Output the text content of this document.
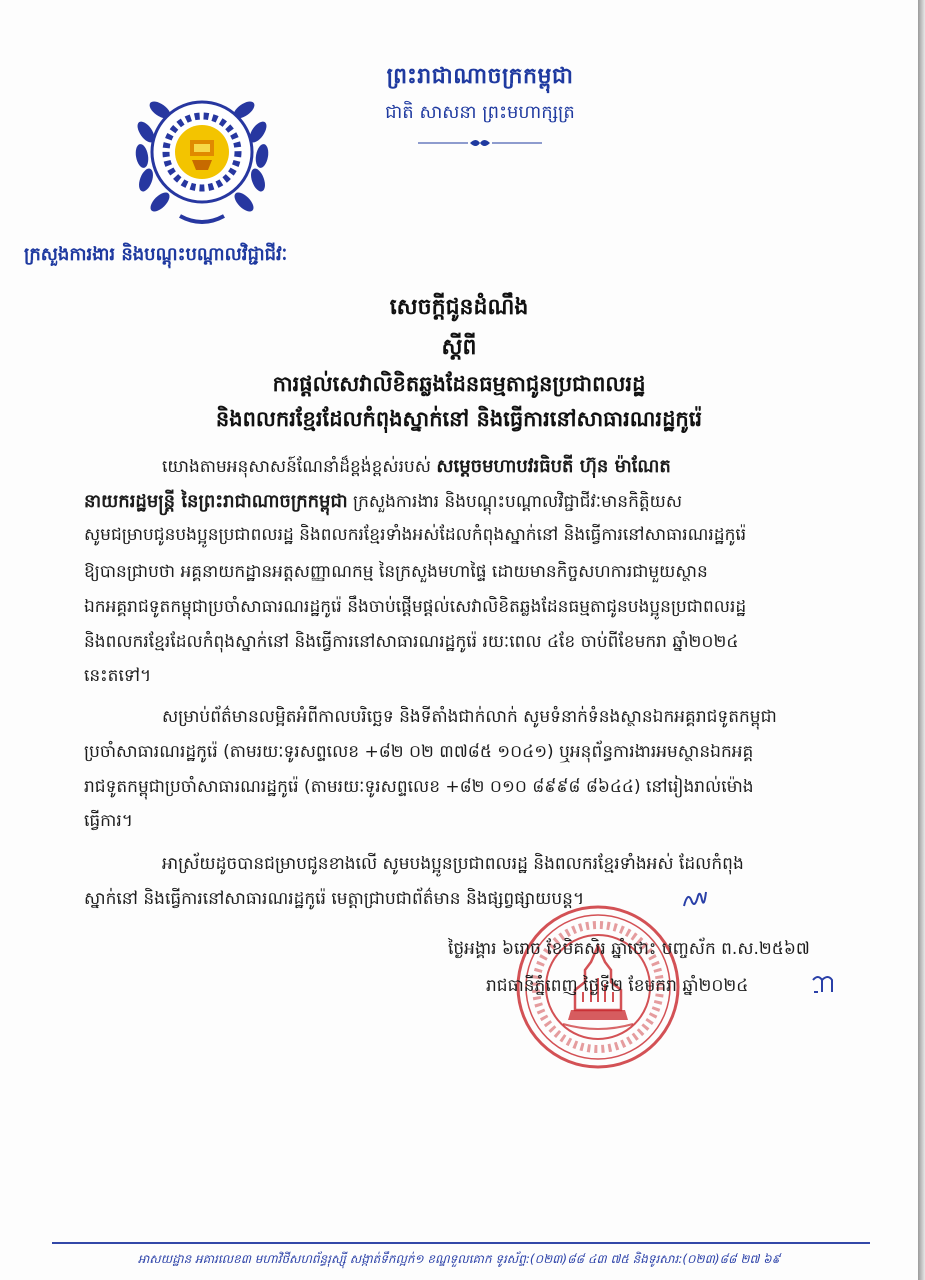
ព្រះរាជាណាចក្រកម្ពុជា
ជាតិ សាសនា ព្រះមហាក្សត្រ
ក្រសួងការងារ និងបណ្តុះបណ្តាលវិជ្ជាជីវៈ
សេចក្តីជូនដំណឹង
ស្តីពី
ការផ្តល់សេវាលិខិតឆ្លងដែនធម្មតាជូនប្រជាពលរដ្ឋ
និងពលករខ្មែរដែលកំពុងស្នាក់នៅ និងធ្វើការនៅសាធារណរដ្ឋកូរ៉េ
យោងតាមអនុសាសន៍ណែនាំដ៏ខ្ពង់ខ្ពស់របស់ សម្តេចមហាបវរធិបតី ហ៊ុន ម៉ាណែត
នាយករដ្ឋមន្ត្រី នៃព្រះរាជាណាចក្រកម្ពុជា ក្រសួងការងារ និងបណ្តុះបណ្តាលវិជ្ជាជីវៈមានកិត្តិយស
សូមជម្រាបជូនបងប្អូនប្រជាពលរដ្ឋ និងពលករខ្មែរទាំងអស់ដែលកំពុងស្នាក់នៅ និងធ្វើការនៅសាធារណរដ្ឋកូរ៉េ
ឱ្យបានជ្រាបថា អគ្គនាយកដ្ឋានអត្តសញ្ញាណកម្ម នៃក្រសួងមហាផ្ទៃ ដោយមានកិច្ចសហការជាមួយស្ថាន
ឯកអគ្គរាជទូតកម្ពុជាប្រចាំសាធារណរដ្ឋកូរ៉េ នឹងចាប់ផ្តើមផ្តល់សេវាលិខិតឆ្លងដែនធម្មតាជូនបងប្អូនប្រជាពលរដ្ឋ
និងពលករខ្មែរដែលកំពុងស្នាក់នៅ និងធ្វើការនៅសាធារណរដ្ឋកូរ៉េ រយៈពេល ៤ខែ ចាប់ពីខែមករា ឆ្នាំ២០២៤
នេះតទៅ។
សម្រាប់ព័ត៌មានលម្អិតអំពីកាលបរិច្ឆេទ និងទីតាំងជាក់លាក់ សូមទំនាក់ទំនងស្ថានឯកអគ្គរាជទូតកម្ពុជា
ប្រចាំសាធារណរដ្ឋកូរ៉េ (តាមរយៈទូរសព្ទលេខ +៨២ ០២ ៣៧៨៥ ១០៤១) ឬអនុព័ន្ធការងារអមស្ថានឯកអគ្គ
រាជទូតកម្ពុជាប្រចាំសាធារណរដ្ឋកូរ៉េ (តាមរយៈទូរសព្ទលេខ +៨២ ០១០ ៨៩៩៨ ៨៦៤៤) នៅរៀងរាល់ម៉ោង
ធ្វើការ។
អាស្រ័យដូចបានជម្រាបជូនខាងលើ សូមបងប្អូនប្រជាពលរដ្ឋ និងពលករខ្មែរទាំងអស់ ដែលកំពុង
ស្នាក់នៅ និងធ្វើការនៅសាធារណរដ្ឋកូរ៉េ មេត្តាជ្រាបជាព័ត៌មាន និងផ្សព្វផ្សាយបន្ត។
ថ្ងៃអង្គារ ៦រោច ខែមិគសិរ ឆ្នាំថោះ បញ្ចស័ក ព.ស.២៥៦៧
រាជធានីភ្នំពេញ ថ្ងៃទី២ ខែមករា ឆ្នាំ២០២៤
អាសយដ្ឋាន អគារលេខ៣ មហាវិថីសហព័ន្ធរុស្ស៊ី សង្កាត់ទឹកល្អក់១ ខណ្ឌទួលគោក ទូរស័ព្ទ:(០២៣)៨៨ ៤៣ ៧៥ និងទូរសារ:(០២៣)៨៨ ២៧ ៦៩
